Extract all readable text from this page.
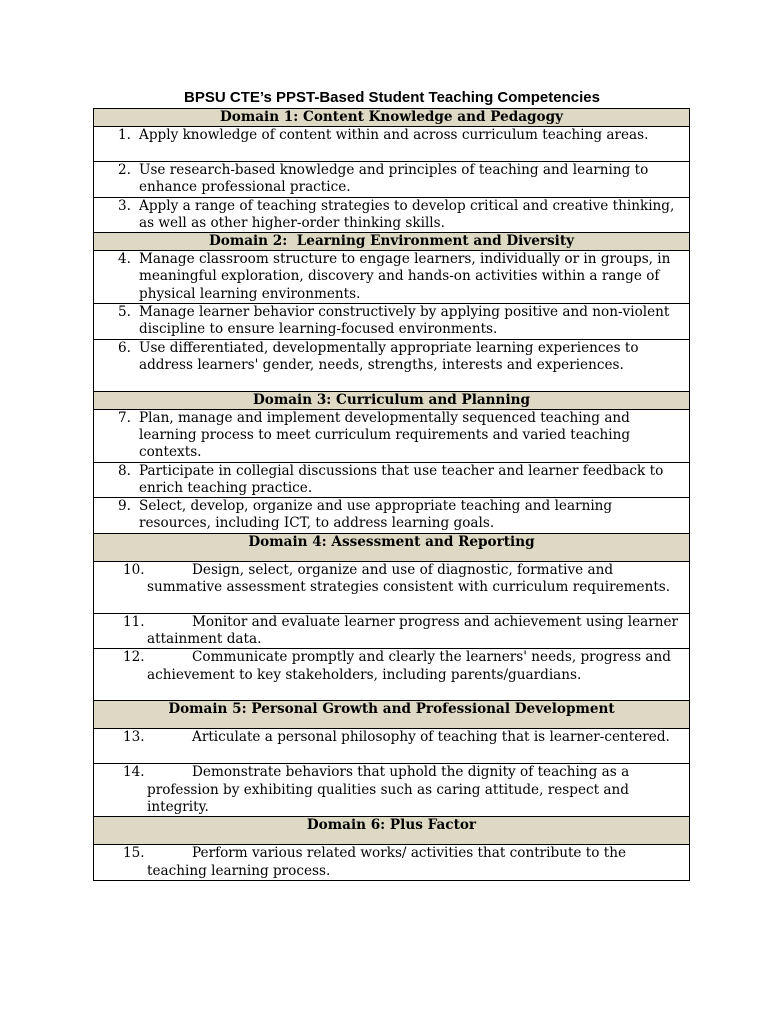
BPSU CTE’s PPST-Based Student Teaching Competencies
Domain 1: Content Knowledge and Pedagogy

1. Apply knowledge of content within and across curriculum teaching areas.

2. Use research-based knowledge and principles of teaching and learning to enhance professional practice.

3. Apply a range of teaching strategies to develop critical and creative thinking, as well as other higher-order thinking skills.

Domain 2:  Learning Environment and Diversity

4. Manage classroom structure to engage learners, individually or in groups, in meaningful exploration, discovery and hands-on activities within a range of physical learning environments.

5. Manage learner behavior constructively by applying positive and non-violent discipline to ensure learning-focused environments.

6. Use differentiated, developmentally appropriate learning experiences to address learners' gender, needs, strengths, interests and experiences.

Domain 3: Curriculum and Planning

7. Plan, manage and implement developmentally sequenced teaching and learning process to meet curriculum requirements and varied teaching contexts.

8. Participate in collegial discussions that use teacher and learner feedback to enrich teaching practice.

9. Select, develop, organize and use appropriate teaching and learning resources, including ICT, to address learning goals.

Domain 4: Assessment and Reporting

10.	Design, select, organize and use of diagnostic, formative and summative assessment strategies consistent with curriculum requirements.

11.	Monitor and evaluate learner progress and achievement using learner attainment data.

12.	Communicate promptly and clearly the learners' needs, progress and achievement to key stakeholders, including parents/guardians.

Domain 5: Personal Growth and Professional Development

13.	Articulate a personal philosophy of teaching that is learner-centered.

14.	Demonstrate behaviors that uphold the dignity of teaching as a profession by exhibiting qualities such as caring attitude, respect and integrity.

Domain 6: Plus Factor

15.	Perform various related works/ activities that contribute to the teaching learning process.
